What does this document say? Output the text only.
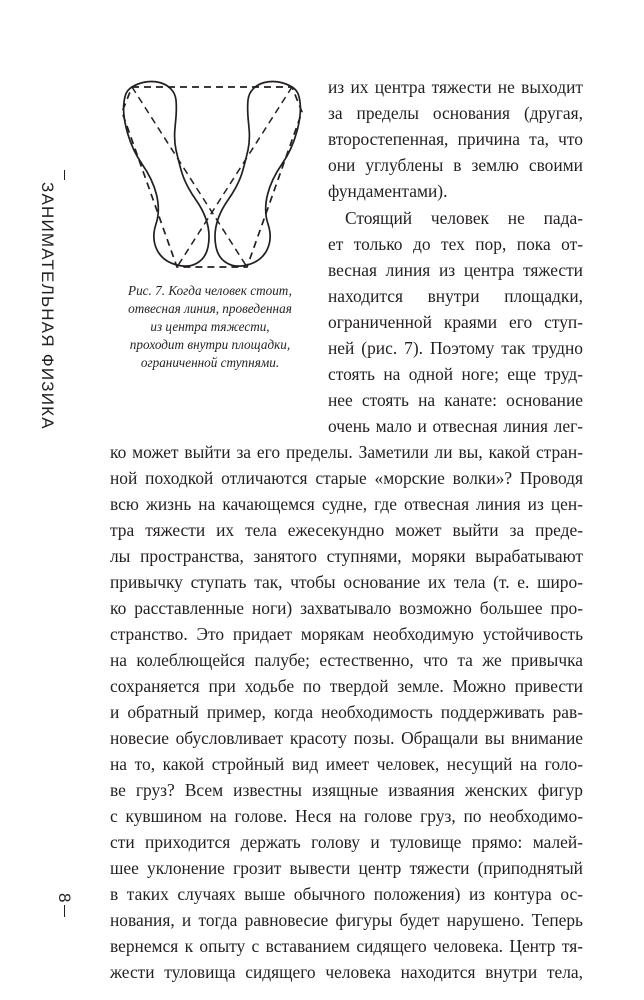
ЗАНИМАТЕЛЬНАЯ ФИЗИКА	Рис. 7. Когда человек стоит,
отвесная линия, проведенная
из центра тяжести,
проходит внутри площадки,
ограниченной ступнями.
из их центра тяжести не выходит
за пределы основания (другая,
второстепенная, причина та, что
они углублены в землю своими
фундаментами).
Стоящий человек не пада-
ет только до тех пор, пока от-
весная линия из центра тяжести
находится внутри площадки,
ограниченной краями его ступ-
ней (рис. 7). Поэтому так трудно
стоять на одной ноге; еще труд-
нее стоять на канате: основание
очень мало и отвесная линия лег-
ко может выйти за его пределы. Заметили ли вы, какой стран-
ной походкой отличаются старые «морские волки»? Проводя
всю жизнь на качающемся судне, где отвесная линия из цен-
тра тяжести их тела ежесекундно может выйти за преде-
лы пространства, занятого ступнями, моряки вырабатывают
привычку ступать так, чтобы основание их тела (т. е. широ-
ко расставленные ноги) захватывало возможно большее про-
странство. Это придает морякам необходимую устойчивость
на колеблющейся палубе; естественно, что та же привычка
сохраняется при ходьбе по твердой земле. Можно привести
и обратный пример, когда необходимость поддерживать рав-
новесие обусловливает красоту позы. Обращали вы внимание
на то, какой стройный вид имеет человек, несущий на голо-
ве груз? Всем известны изящные изваяния женских фигур
с кувшином на голове. Неся на голове груз, по необходимо-
сти приходится держать голову и туловище прямо: малей-
шее уклонение грозит вывести центр тяжести (приподнятый
в таких случаях выше обычного положения) из контура ос-
нования, и тогда равновесие фигуры будет нарушено. Теперь
вернемся к опыту с вставанием сидящего человека. Центр тя-
жести туловища сидящего человека находится внутри тела,
8
